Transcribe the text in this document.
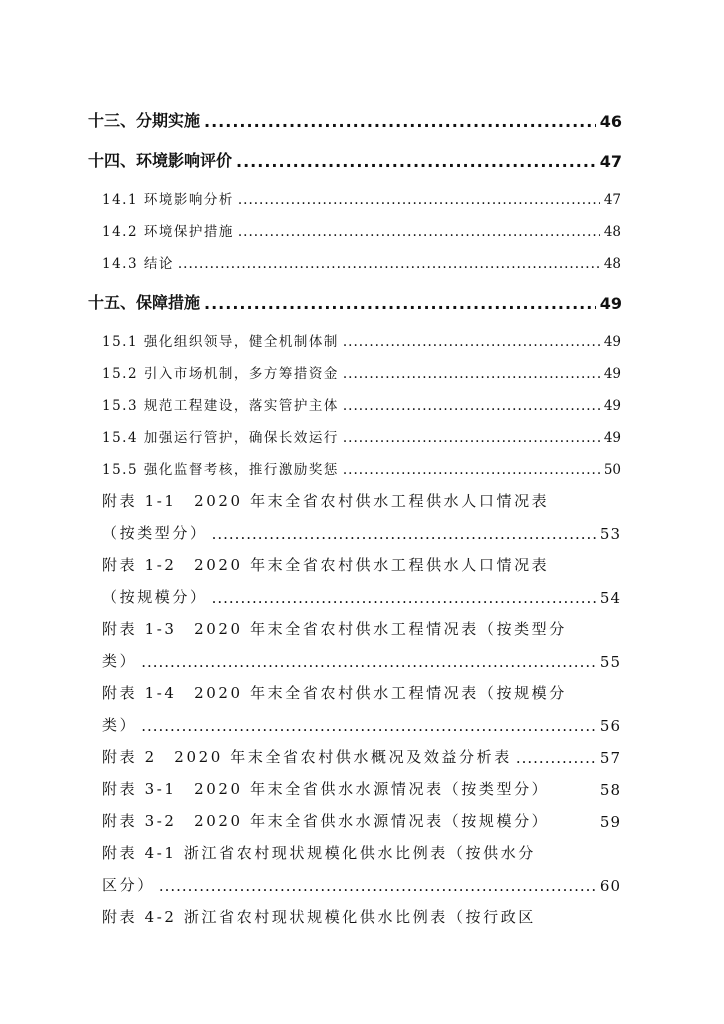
十三、分期实施 .....	46
十四、环境影响评价 .....	47
14.1 环境影响分析 .....	47
14.2 环境保护措施 .....	48
14.3 结论 .....	48
十五、保障措施 .....	49
15.1 强化组织领导，健全机制体制 .....	49
15.2 引入市场机制，多方筹措资金 .....	49
15.3 规范工程建设，落实管护主体 .....	49
15.4 加强运行管护，确保长效运行 .....	49
15.5 强化监督考核，推行激励奖惩 .....	50
附表 1-1　2020 年末全省农村供水工程供水人口情况表
（按类型分） .....	53
附表 1-2　2020 年末全省农村供水工程供水人口情况表
（按规模分） .....	54
附表 1-3　2020 年末全省农村供水工程情况表（按类型分
类） .....	55
附表 1-4　2020 年末全省农村供水工程情况表（按规模分
类） .....	56
附表 2　2020 年末全省农村供水概况及效益分析表 .....	57
附表 3-1　2020 年末全省供水水源情况表（按类型分）	58
附表 3-2　2020 年末全省供水水源情况表（按规模分）	59
附表 4-1 浙江省农村现状规模化供水比例表（按供水分
区分） .....	60
附表 4-2 浙江省农村现状规模化供水比例表（按行政区
